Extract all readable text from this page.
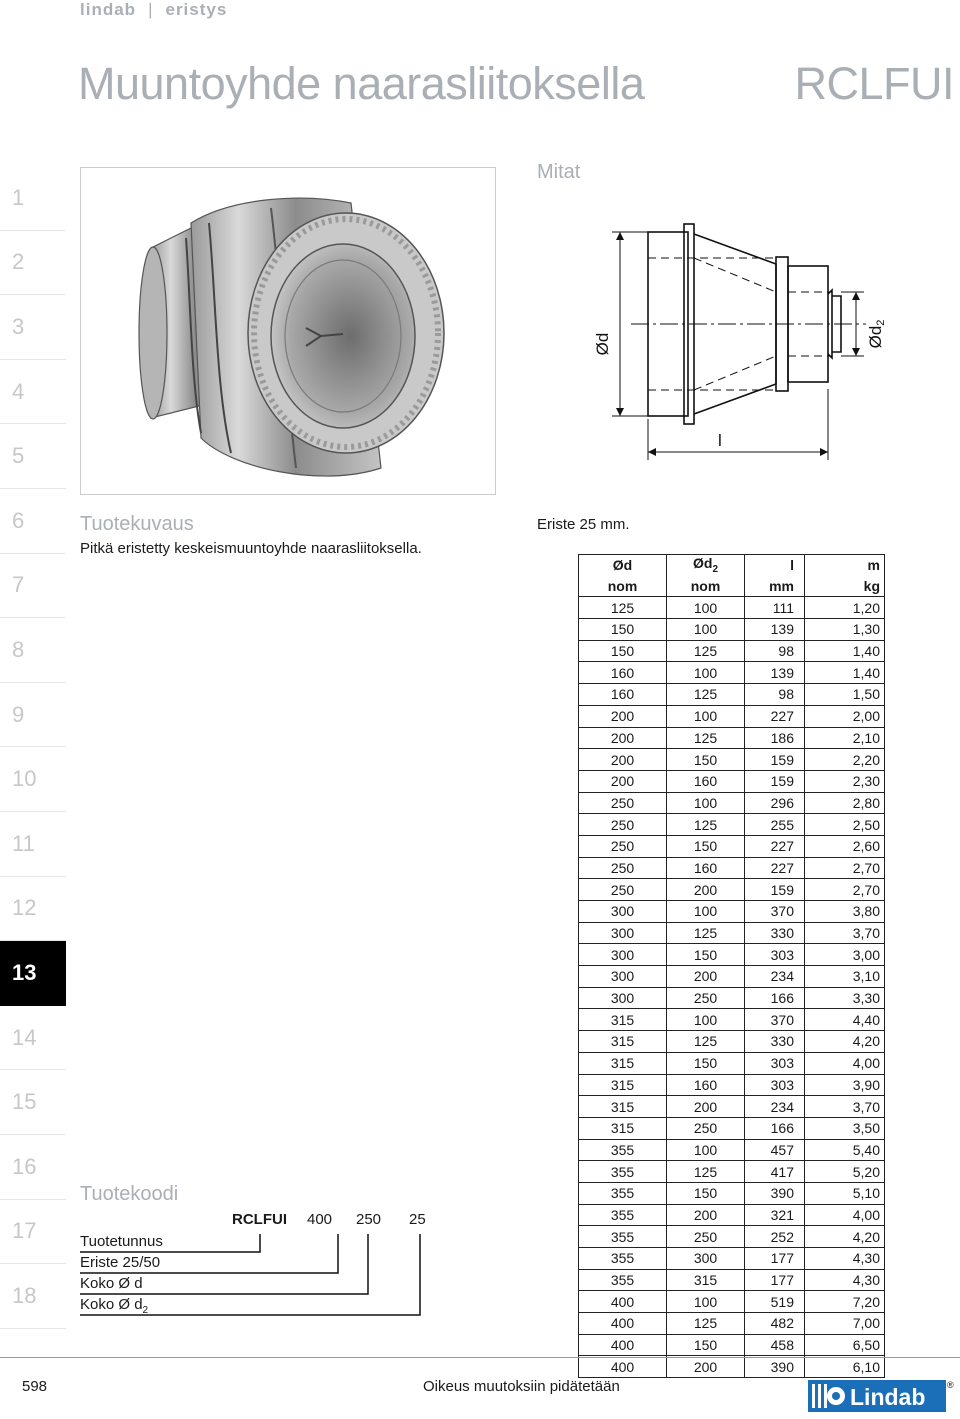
lindab | eristys
Muuntoyhde naarasliitoksella	RCLFUI
1
2
3
4
5
6
7
8
9
10
11
12
13
14
15
16
17
18
Tuotekuvaus
Pitkä eristetty keskeismuuntoyhde naarasliitoksella.
Mitat
Ød	Ød2
l
Eriste 25 mm.
Ød	$Ød_2$	l	m
nom	nom	mm	kg
125	100	111	1,20
150	100	139	1,30
150	125	98	1,40
160	100	139	1,40
160	125	98	1,50
200	100	227	2,00
200	125	186	2,10
200	150	159	2,20
200	160	159	2,30
250	100	296	2,80
250	125	255	2,50
250	150	227	2,60
250	160	227	2,70
250	200	159	2,70
300	100	370	3,80
300	125	330	3,70
300	150	303	3,00
300	200	234	3,10
300	250	166	3,30
315	100	370	4,40
315	125	330	4,20
315	150	303	4,00
315	160	303	3,90
315	200	234	3,70
315	250	166	3,50
355	100	457	5,40
355	125	417	5,20
355	150	390	5,10
355	200	321	4,00
355	250	252	4,20
355	300	177	4,30
355	315	177	4,30
400	100	519	7,20
400	125	482	7,00
400	150	458	6,50
400	200	390	6,10
Tuotekoodi
RCLFUI 400 250 25
Tuotetunnus
Eriste 25/50
Koko Ø d
Koko Ø $d_2$
598	Oikeus muutoksiin pidätetään	Lindab ®
